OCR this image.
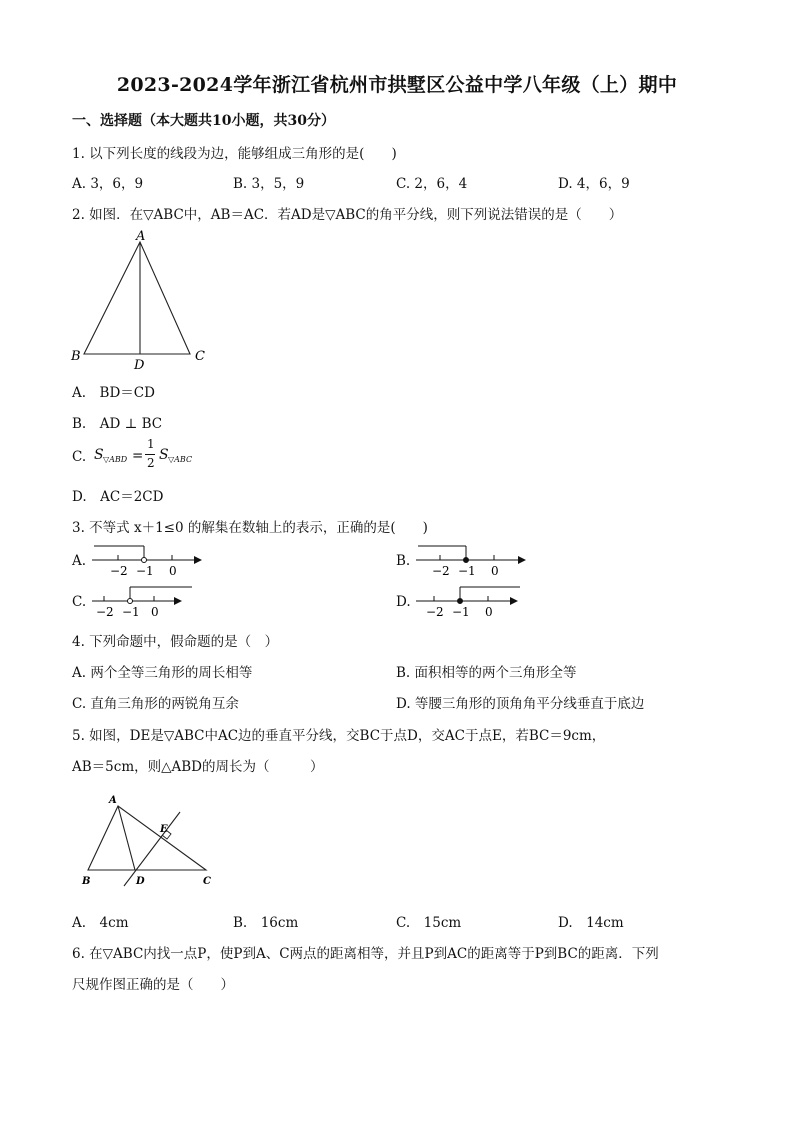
2023-2024学年浙江省杭州市拱墅区公益中学八年级（上）期中
一、选择题（本大题共10小题，共30分）
1. 以下列长度的线段为边，能够组成三角形的是(　　)
A. 3，6，9	B. 3，5，9	C. 2，6，4	D. 4，6，9
2. 如图．在▽ABC中，AB＝AC．若AD是▽ABC的角平分线，则下列说法错误的是（　　）
A
B	C
D
A.　BD＝CD
B.　AD ⊥ BC
C. S ▽ABD =
1
2 S ▽ABC
D.　AC＝2CD
3. 不等式 x＋1≤0 的解集在数轴上的表示，正确的是(　　)
A.
−2 −1 0
B.
−2 −1 0
C.
−2 −1 0
D.
−2 −1 0
4. 下列命题中，假命题的是（　）
A. 两个全等三角形的周长相等	B. 面积相等的两个三角形全等
C. 直角三角形的两锐角互余	D. 等腰三角形的顶角角平分线垂直于底边
5. 如图，DE是▽ABC中AC边的垂直平分线，交BC于点D，交AC于点E，若BC＝9cm，
AB＝5cm，则△ABD的周长为（　　　）
A
B	C
D
E
A.　4cm	B.　16cm	C.　15cm	D.　14cm
6. 在▽ABC内找一点P，使P到A、C两点的距离相等，并且P到AC的距离等于P到BC的距离．下列
尺规作图正确的是（　　）
